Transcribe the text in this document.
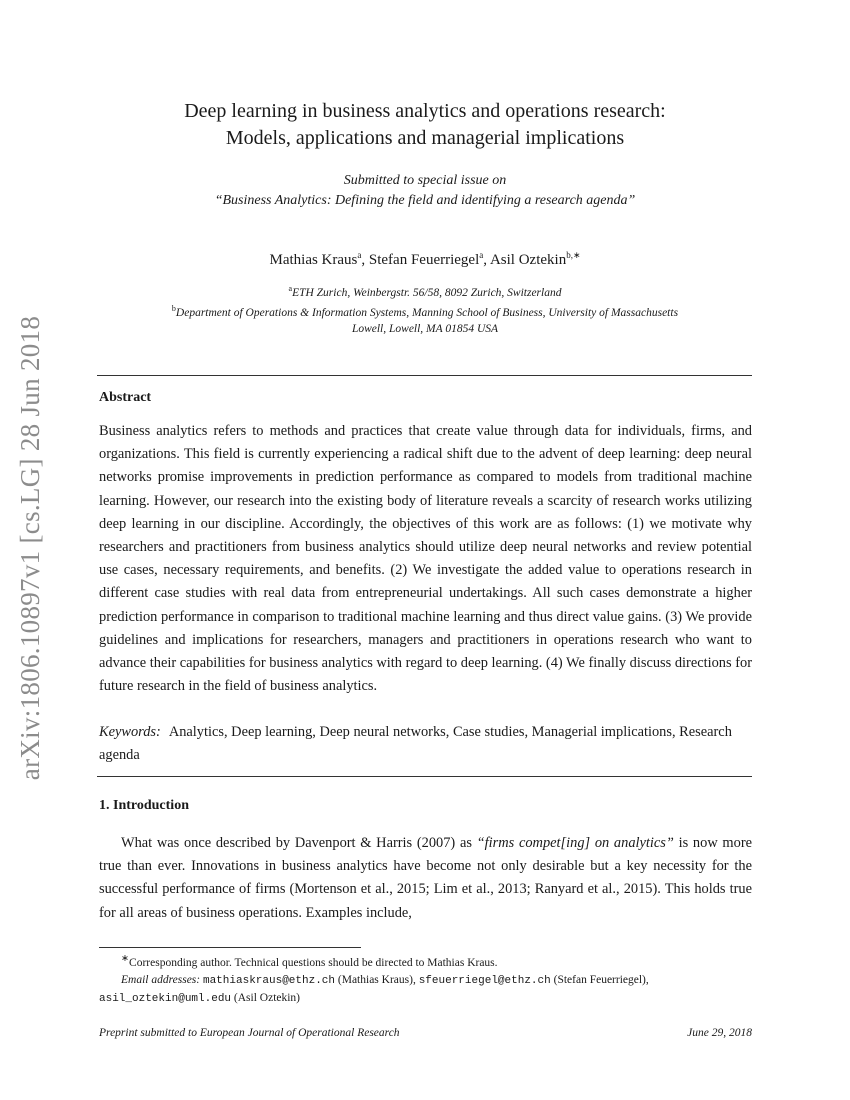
arXiv:1806.10897v1 [cs.LG] 28 Jun 2018
Deep learning in business analytics and operations research:
Models, applications and managerial implications
Submitted to special issue on
“Business Analytics: Defining the field and identifying a research agenda”
Mathias Kraus$^a$, Stefan Feuerriegel$^a$, Asil Oztekin$^{b,∗}$
$^a$ETH Zurich, Weinbergstr. 56/58, 8092 Zurich, Switzerland
$^b$Department of Operations & Information Systems, Manning School of Business, University of Massachusetts
Lowell, Lowell, MA 01854 USA
Abstract
Business analytics refers to methods and practices that create value through data for individuals, firms, and organizations. This field is currently experiencing a radical shift due to the advent of deep learning: deep neural networks promise improvements in prediction performance as compared to models from traditional machine learning. However, our research into the existing body of literature reveals a scarcity of research works utilizing deep learning in our discipline. Accordingly, the objectives of this work are as follows: (1) we motivate why researchers and practitioners from business analytics should utilize deep neural networks and review potential use cases, necessary requirements, and benefits. (2) We investigate the added value to operations research in different case studies with real data from entrepreneurial undertakings. All such cases demonstrate a higher prediction performance in comparison to traditional machine learning and thus direct value gains. (3) We provide guidelines and implications for researchers, managers and practitioners in operations research who want to advance their capabilities for business analytics with regard to deep learning. (4) We finally discuss directions for future research in the field of business analytics.
Keywords: Analytics, Deep learning, Deep neural networks, Case studies, Managerial implications, Research agenda
1. Introduction
What was once described by Davenport & Harris (2007) as “firms compet[ing] on analytics” is now more true than ever. Innovations in business analytics have become not only desirable but a key necessity for the successful performance of firms (Mortenson et al., 2015; Lim et al., 2013; Ranyard et al., 2015). This holds true for all areas of business operations. Examples include,
∗Corresponding author. Technical questions should be directed to Mathias Kraus.
Email addresses: mathiaskraus@ethz.ch (Mathias Kraus), sfeuerriegel@ethz.ch (Stefan Feuerriegel),
asil_oztekin@uml.edu (Asil Oztekin)
Preprint submitted to European Journal of Operational Research	June 29, 2018
